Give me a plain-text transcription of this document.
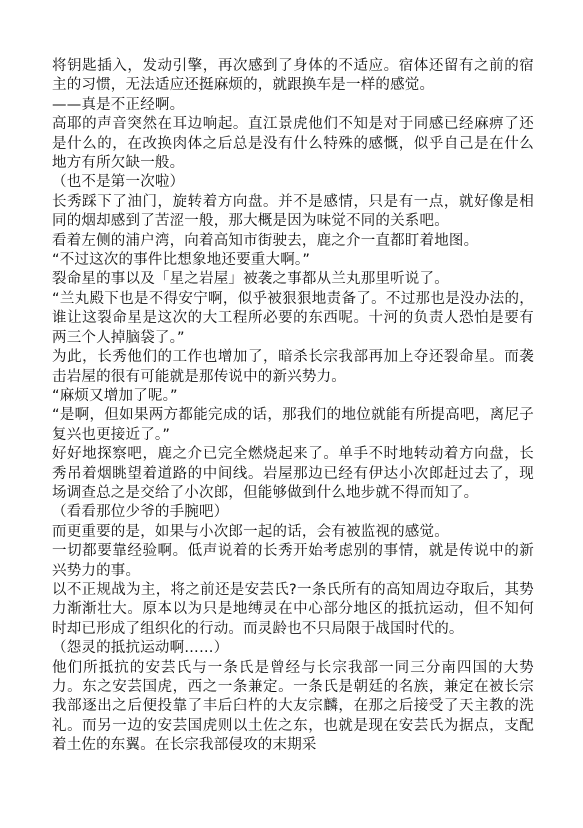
将钥匙插入，发动引擎，再次感到了身体的不适应。宿体还留有之前的宿主的习惯，无法适应还挺麻烦的，就跟换车是一样的感觉。

——真是不正经啊。

高耶的声音突然在耳边响起。直江景虎他们不知是对于同感已经麻痹了还是什么的，在改换肉体之后总是没有什么特殊的感慨，似乎自己是在什么地方有所欠缺一般。

（也不是第一次啦）

长秀踩下了油门，旋转着方向盘。并不是感情，只是有一点，就好像是相同的烟却感到了苦涩一般，那大概是因为味觉不同的关系吧。

看着左侧的浦户湾，向着高知市街驶去，鹿之介一直都盯着地图。

“不过这次的事件比想象地还要重大啊。”

裂命星的事以及「星之岩屋」被袭之事都从兰丸那里听说了。

“兰丸殿下也是不得安宁啊，似乎被狠狠地责备了。不过那也是没办法的，谁让这裂命星是这次的大工程所必要的东西呢。十河的负责人恐怕是要有两三个人掉脑袋了。”

为此，长秀他们的工作也增加了，暗杀长宗我部再加上夺还裂命星。而袭击岩屋的很有可能就是那传说中的新兴势力。

“麻烦又增加了呢。”

“是啊，但如果两方都能完成的话，那我们的地位就能有所提高吧，离尼子复兴也更接近了。”

好好地探察吧，鹿之介已完全燃烧起来了。单手不时地转动着方向盘，长秀吊着烟眺望着道路的中间线。岩屋那边已经有伊达小次郎赶过去了，现场调查总之是交给了小次郎，但能够做到什么地步就不得而知了。

（看看那位少爷的手腕吧）

而更重要的是，如果与小次郎一起的话，会有被监视的感觉。

一切都要靠经验啊。低声说着的长秀开始考虑别的事情，就是传说中的新兴势力的事。

以不正规战为主，将之前还是安芸氏?一条氏所有的高知周边夺取后，其势力渐渐壮大。原本以为只是地缚灵在中心部分地区的抵抗运动，但不知何时却已形成了组织化的行动。而灵龄也不只局限于战国时代的。

（怨灵的抵抗运动啊……）

他们所抵抗的安芸氏与一条氏是曾经与长宗我部一同三分南四国的大势力。东之安芸国虎，西之一条兼定。一条氏是朝廷的名族，兼定在被长宗我部逐出之后便投靠了丰后臼杵的大友宗麟，在那之后接受了天主教的洗礼。而另一边的安芸国虎则以土佐之东，也就是现在安芸氏为据点，支配着土佐的东翼。在长宗我部侵攻的末期采
